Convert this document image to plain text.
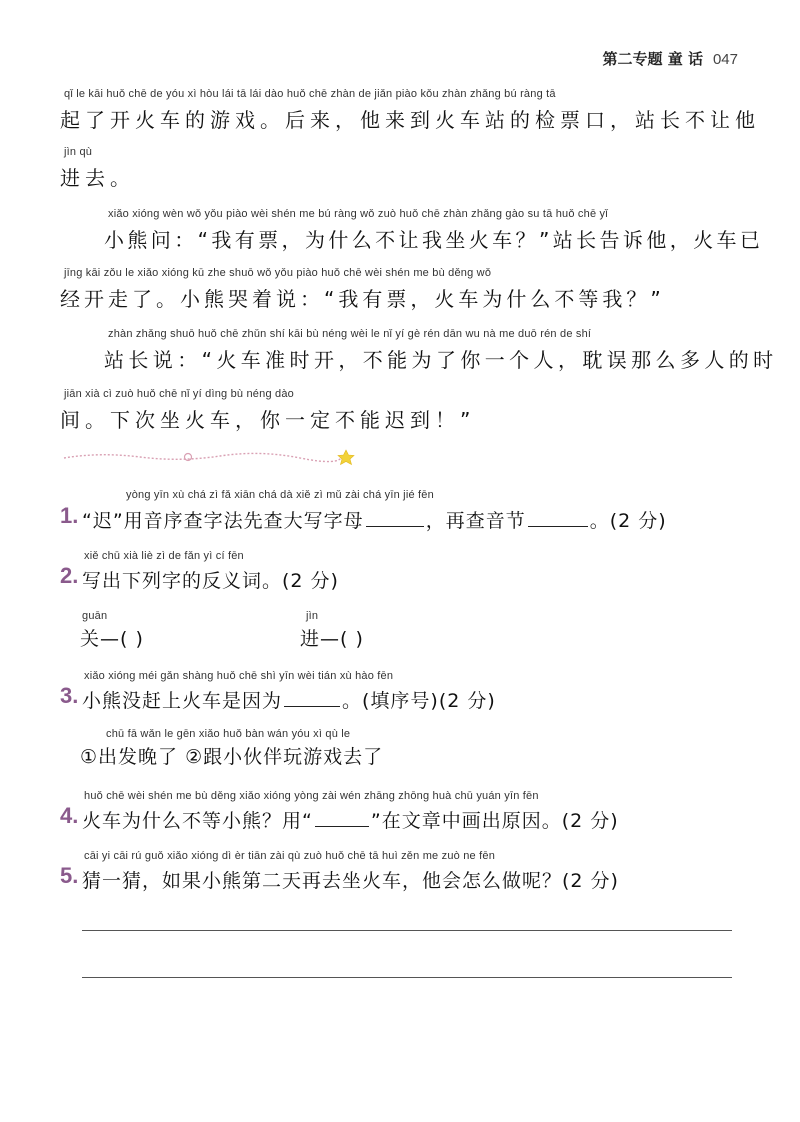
第二专题 童 话 047
qǐ le kāi huǒ chē de yóu xì hòu lái tā lái dào huǒ chē zhàn de jiǎn piào kǒu zhàn zhǎng bú ràng tā
起了开火车的游戏。后来，他来到火车站的检票口，站长不让他
jìn qù
进去。
xiǎo xióng wèn wǒ yǒu piào wèi shén me bú ràng wǒ zuò huǒ chē zhàn zhǎng gào su tā huǒ chē yǐ
小熊问：“我有票，为什么不让我坐火车？”站长告诉他，火车已
jīng kāi zǒu le xiǎo xióng kū zhe shuō wǒ yǒu piào huǒ chē wèi shén me bù děng wǒ
经开走了。小熊哭着说：“我有票，火车为什么不等我？”
zhàn zhǎng shuō huǒ chē zhǔn shí kāi bù néng wèi le nǐ yí gè rén dān wu nà me duō rén de shí
站长说：“火车准时开，不能为了你一个人，耽误那么多人的时
jiān xià cì zuò huǒ chē nǐ yí dìng bù néng dào
间。下次坐火车，你一定不能迟到！”
yòng yīn xù chá zì fǎ xiān chá dà xiě zì mǔ zài chá yīn jié fēn
1. “迟”用音序查字法先查大写字母	，再查音节	。(2 分)
xiě chū xià liè zì de fǎn yì cí fēn
2. 写出下列字的反义词。(2 分)
guān
关—( )
jìn
进—( )
xiǎo xióng méi gǎn shàng huǒ chē shì yīn wèi tián xù hào fēn
3. 小熊没赶上火车是因为	。(填序号)(2 分)
chū fā wǎn le gēn xiǎo huǒ bàn wán yóu xì qù le
①出发晚了 ②跟小伙伴玩游戏去了
huǒ chē wèi shén me bù děng xiǎo xióng yòng zài wén zhāng zhōng huà chū yuán yīn fēn
4. 火车为什么不等小熊？用“	”在文章中画出原因。(2 分)
cāi yi cāi rú guǒ xiǎo xióng dì èr tiān zài qù zuò huǒ chē tā huì zěn me zuò ne fēn
5. 猜一猜，如果小熊第二天再去坐火车，他会怎么做呢？(2 分)
